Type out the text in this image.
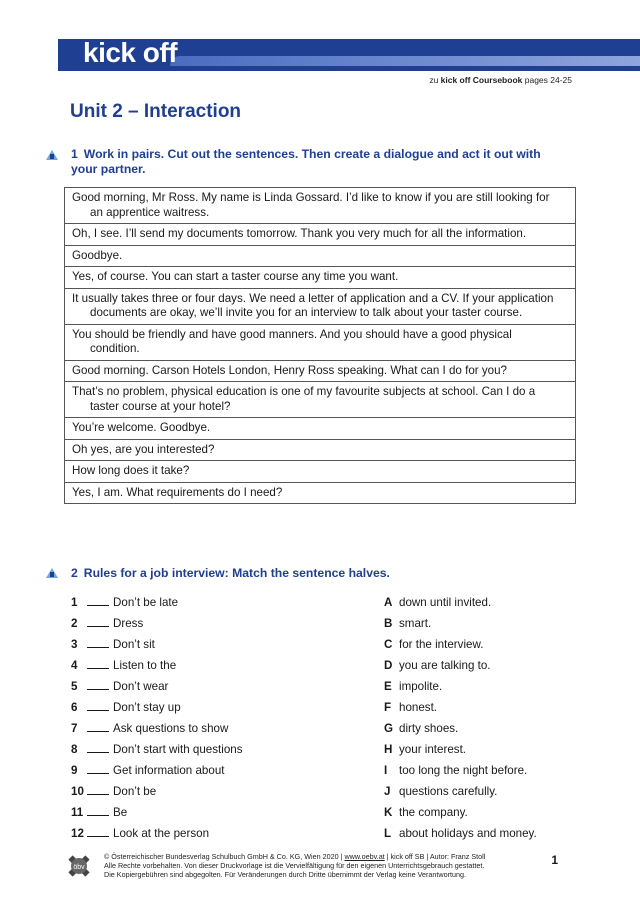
kick off
zu kick off Coursebook pages 24-25
Unit 2 – Interaction
1 Work in pairs. Cut out the sentences. Then create a dialogue and act it out with
your partner.
Good morning, Mr Ross. My name is Linda Gossard. I’d like to know if you are still looking for
an apprentice waitress.

Oh, I see. I’ll send my documents tomorrow. Thank you very much for all the information.
Goodbye.
Yes, of course. You can start a taster course any time you want.
It usually takes three or four days. We need a letter of application and a CV. If your application
documents are okay, we’ll invite you for an interview to talk about your taster course.

You should be friendly and have good manners. And you should have a good physical
condition.

Good morning. Carson Hotels London, Henry Ross speaking. What can I do for you?
That’s no problem, physical education is one of my favourite subjects at school. Can I do a
taster course at your hotel?

You’re welcome. Goodbye.
Oh yes, are you interested?
How long does it take?
Yes, I am. What requirements do I need?
2 Rules for a job interview: Match the sentence halves.
1	Don’t be late
2	Dress
3	Don’t sit
4	Listen to the
5	Don’t wear
6	Don’t stay up
7	Ask questions to show
8	Don’t start with questions
9	Get information about
10	Don’t be
11	Be
12	Look at the person
A down until invited.
B smart.
C for the interview.
D you are talking to.
E impolite.
F honest.
G dirty shoes.
H your interest.
I too long the night before.
J questions carefully.
K the company.
L about holidays and money.
öbv
© Österreichischer Bundesverlag Schulbuch GmbH & Co. KG, Wien 2020 | www.oebv.at | kick off SB | Autor: Franz Stoll
Alle Rechte vorbehalten. Von dieser Druckvorlage ist die Vervielfältigung für den eigenen Unterrichtsgebrauch gestattet.
Die Kopiergebühren sind abgegolten. Für Veränderungen durch Dritte übernimmt der Verlag keine Verantwortung.
1
